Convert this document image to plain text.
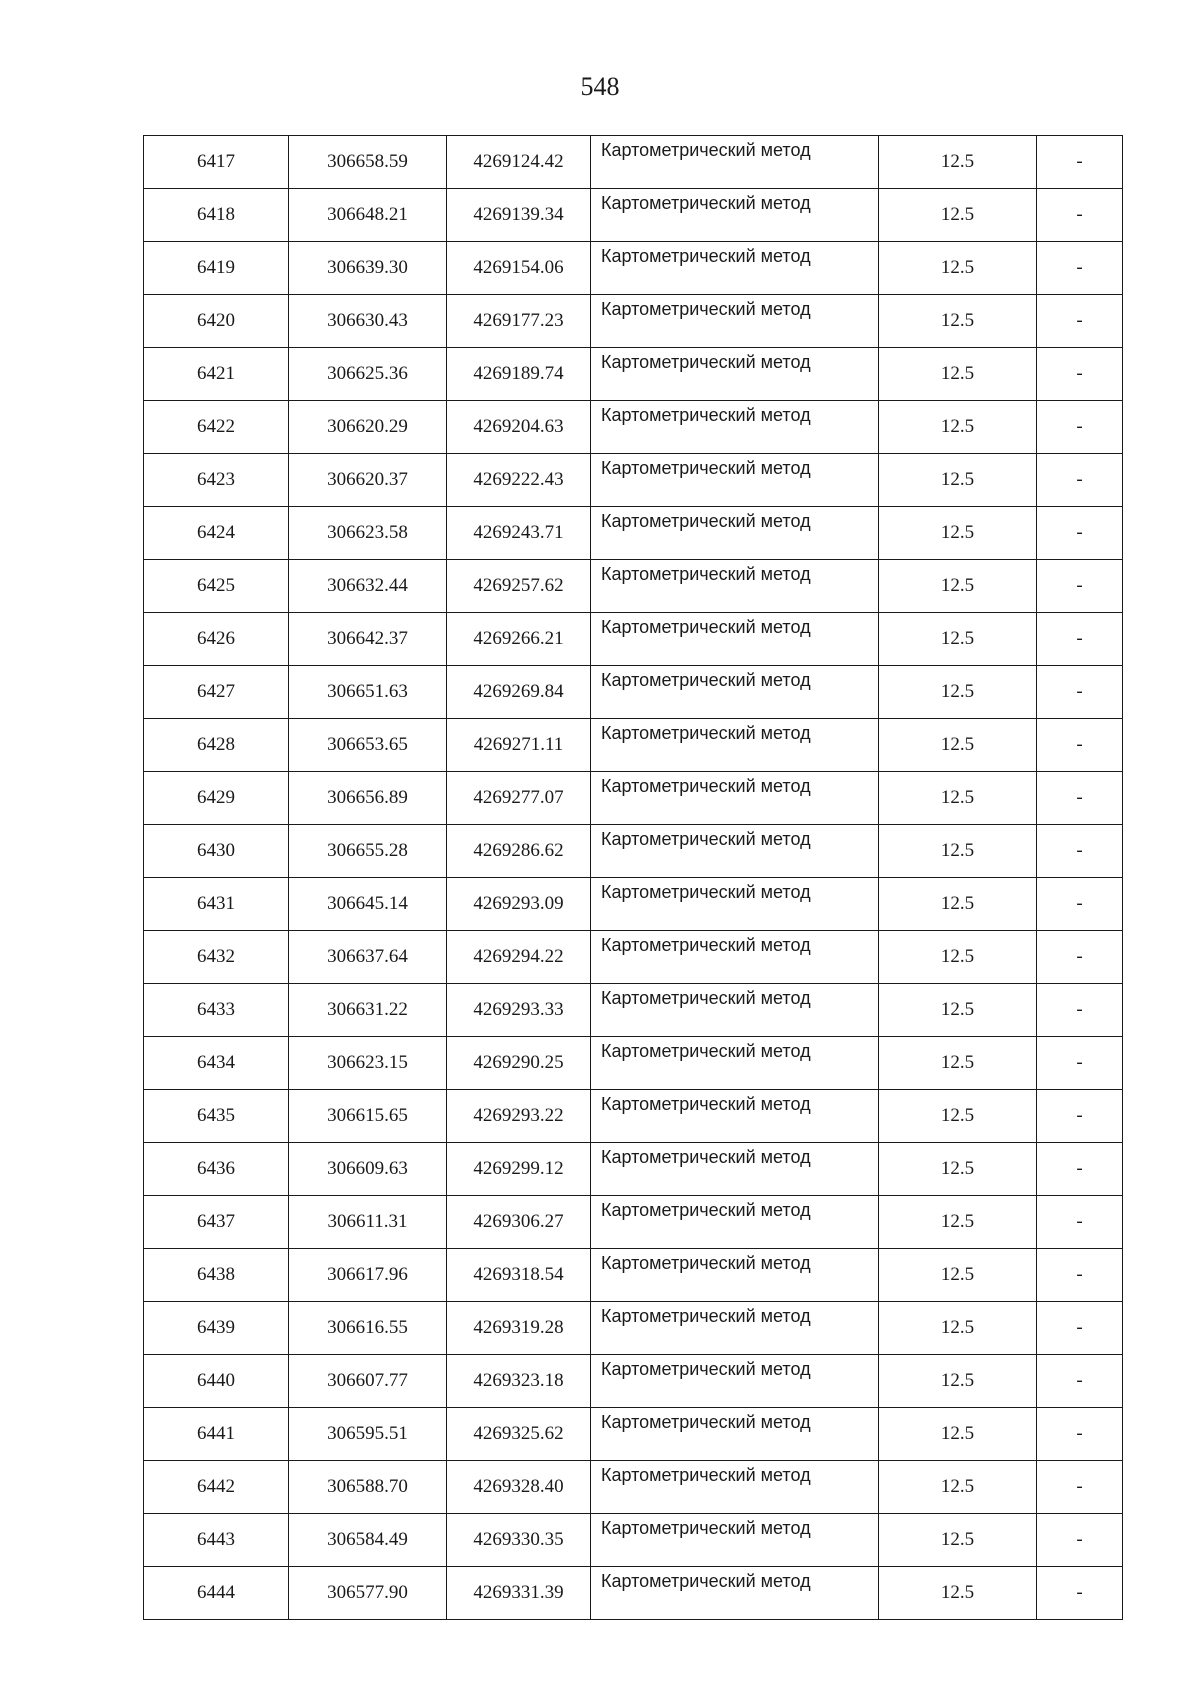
548
6417	306658.59	4269124.42	Картометрический метод	12.5	-
6418	306648.21	4269139.34	Картометрический метод	12.5	-
6419	306639.30	4269154.06	Картометрический метод	12.5	-
6420	306630.43	4269177.23	Картометрический метод	12.5	-
6421	306625.36	4269189.74	Картометрический метод	12.5	-
6422	306620.29	4269204.63	Картометрический метод	12.5	-
6423	306620.37	4269222.43	Картометрический метод	12.5	-
6424	306623.58	4269243.71	Картометрический метод	12.5	-
6425	306632.44	4269257.62	Картометрический метод	12.5	-
6426	306642.37	4269266.21	Картометрический метод	12.5	-
6427	306651.63	4269269.84	Картометрический метод	12.5	-
6428	306653.65	4269271.11	Картометрический метод	12.5	-
6429	306656.89	4269277.07	Картометрический метод	12.5	-
6430	306655.28	4269286.62	Картометрический метод	12.5	-
6431	306645.14	4269293.09	Картометрический метод	12.5	-
6432	306637.64	4269294.22	Картометрический метод	12.5	-
6433	306631.22	4269293.33	Картометрический метод	12.5	-
6434	306623.15	4269290.25	Картометрический метод	12.5	-
6435	306615.65	4269293.22	Картометрический метод	12.5	-
6436	306609.63	4269299.12	Картометрический метод	12.5	-
6437	306611.31	4269306.27	Картометрический метод	12.5	-
6438	306617.96	4269318.54	Картометрический метод	12.5	-
6439	306616.55	4269319.28	Картометрический метод	12.5	-
6440	306607.77	4269323.18	Картометрический метод	12.5	-
6441	306595.51	4269325.62	Картометрический метод	12.5	-
6442	306588.70	4269328.40	Картометрический метод	12.5	-
6443	306584.49	4269330.35	Картометрический метод	12.5	-
6444	306577.90	4269331.39	Картометрический метод	12.5	-
